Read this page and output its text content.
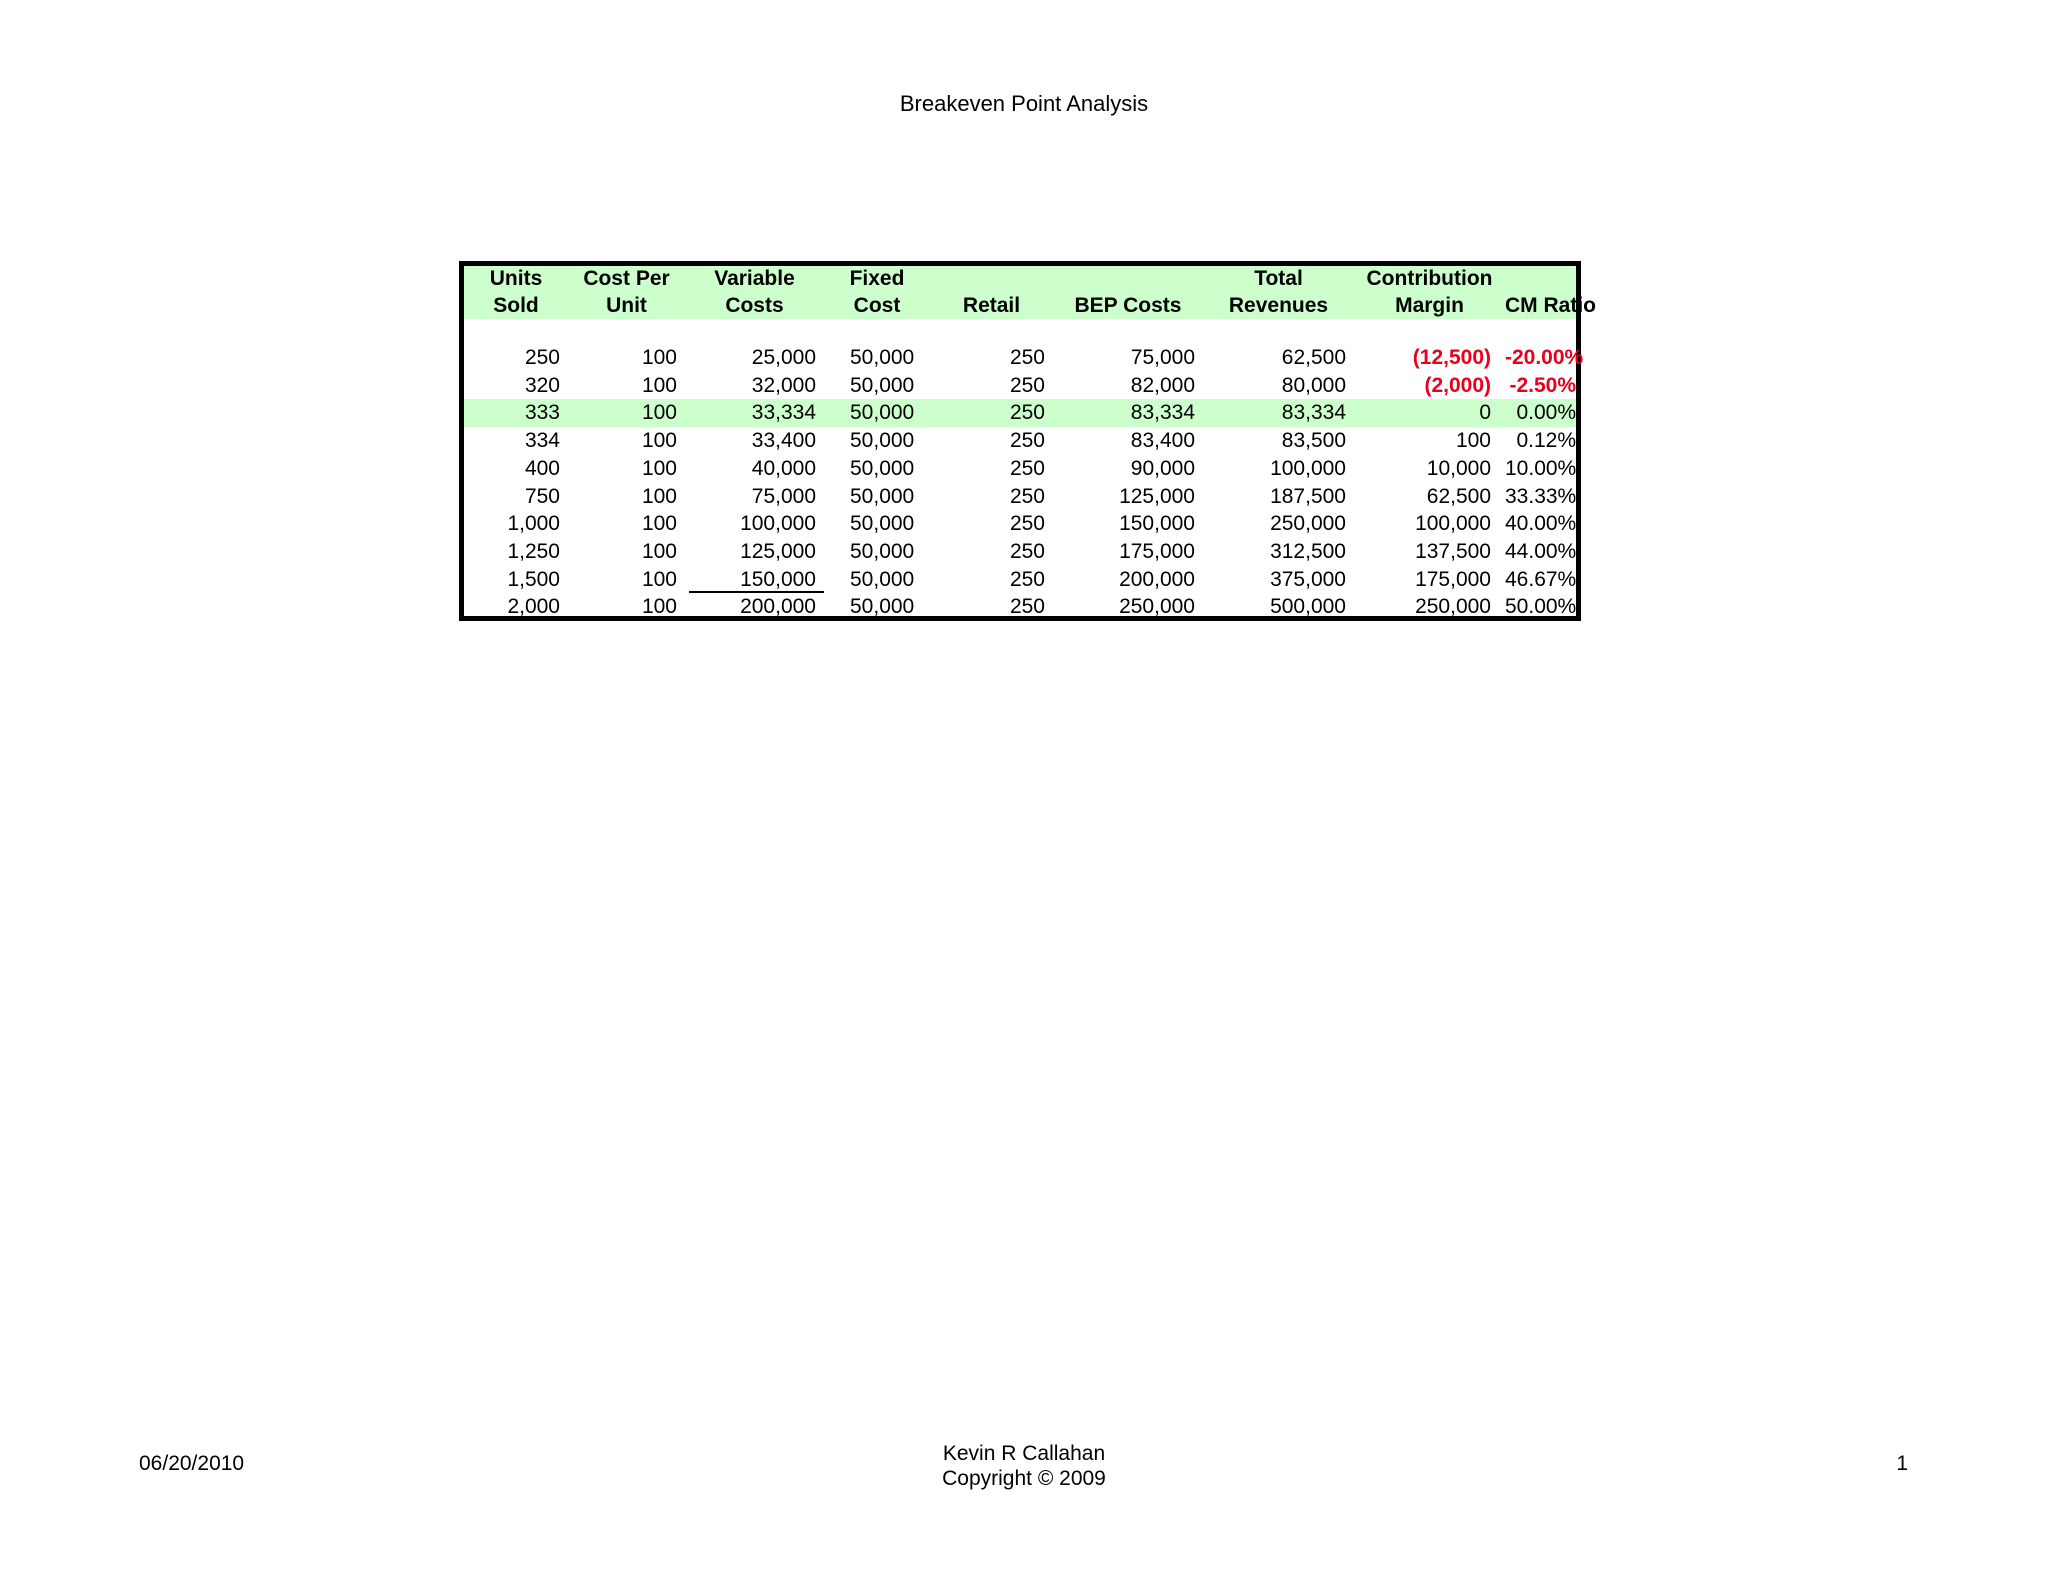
Breakeven Point Analysis
Units	Cost Per	Variable	Fixed			Total	Contribution	
Sold	Unit	Costs	Cost	Retail	BEP Costs	Revenues	Margin	CM Ratio

250	100	25,000	50,000	250	75,000	62,500	(12,500)	-20.00%
320	100	32,000	50,000	250	82,000	80,000	(2,000)	-2.50%
333	100	33,334	50,000	250	83,334	83,334	0	0.00%
334	100	33,400	50,000	250	83,400	83,500	100	0.12%
400	100	40,000	50,000	250	90,000	100,000	10,000	10.00%
750	100	75,000	50,000	250	125,000	187,500	62,500	33.33%
1,000	100	100,000	50,000	250	150,000	250,000	100,000	40.00%
1,250	100	125,000	50,000	250	175,000	312,500	137,500	44.00%
1,500	100	150,000	50,000	250	200,000	375,000	175,000	46.67%
2,000	100	200,000	50,000	250	250,000	500,000	250,000	50.00%
06/20/2010	Kevin R Callahan
Copyright © 2009
1
